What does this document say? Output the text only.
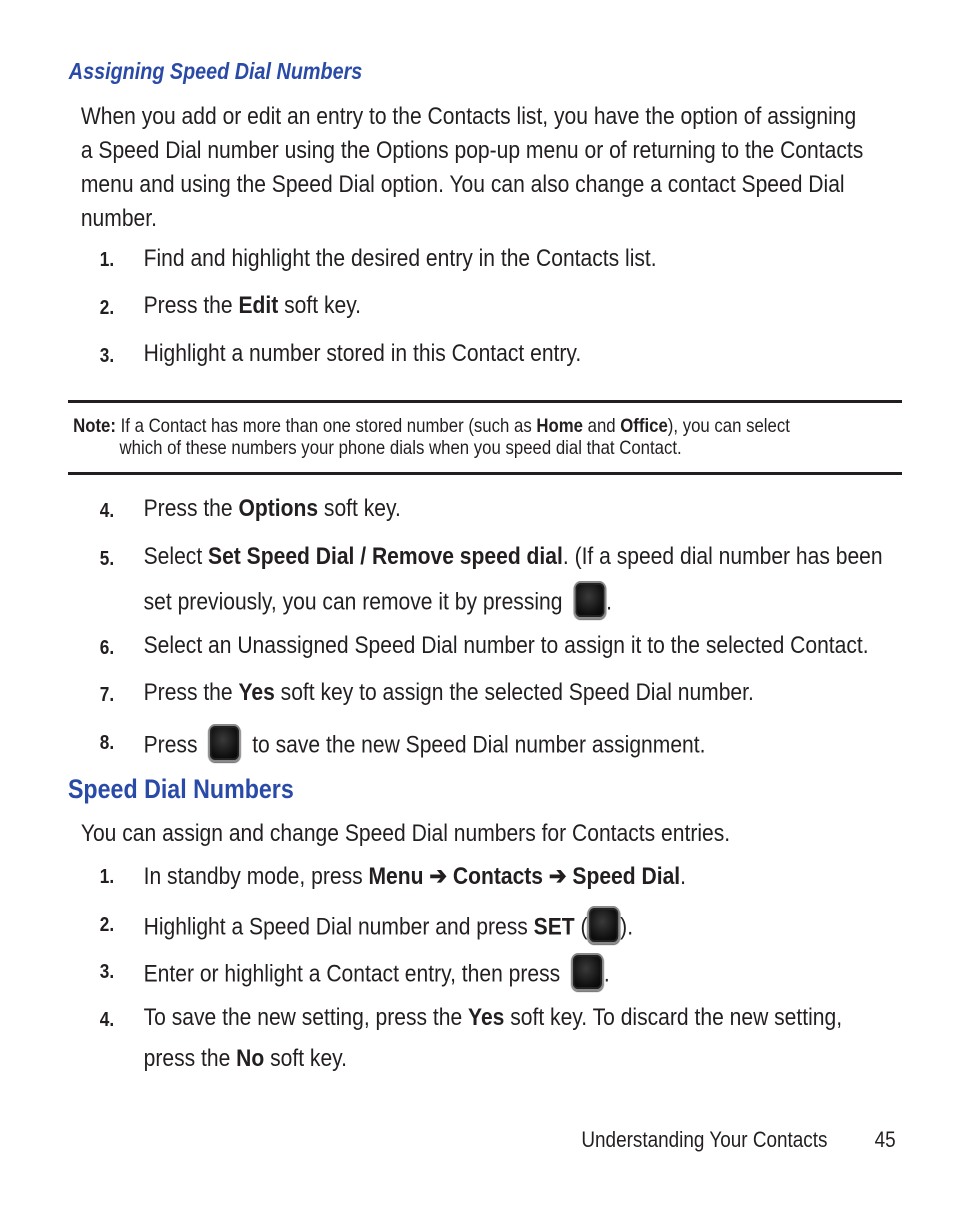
Assigning Speed Dial Numbers
When you add or edit an entry to the Contacts list, you have the option of assigning
a Speed Dial number using the Options pop-up menu or of returning to the Contacts
menu and using the Speed Dial option. You can also change a contact Speed Dial
number.
1. Find and highlight the desired entry in the Contacts list.
2. Press the Edit soft key.
3. Highlight a number stored in this Contact entry.
Note: If a Contact has more than one stored number (such as Home and Office), you can select
which of these numbers your phone dials when you speed dial that Contact.
4. Press the Options soft key.
5. Select Set Speed Dial / Remove speed dial. (If a speed dial number has been
set previously, you can remove it by pressing .
6. Select an Unassigned Speed Dial number to assign it to the selected Contact.
7. Press the Yes soft key to assign the selected Speed Dial number.
8. Press to save the new Speed Dial number assignment.
Speed Dial Numbers
You can assign and change Speed Dial numbers for Contacts entries.
1. In standby mode, press Menu ➔ Contacts ➔ Speed Dial.
2. Highlight a Speed Dial number and press SET ( ).
3. Enter or highlight a Contact entry, then press .
4. To save the new setting, press the Yes soft key. To discard the new setting,
press the No soft key.
Understanding Your Contacts 45
